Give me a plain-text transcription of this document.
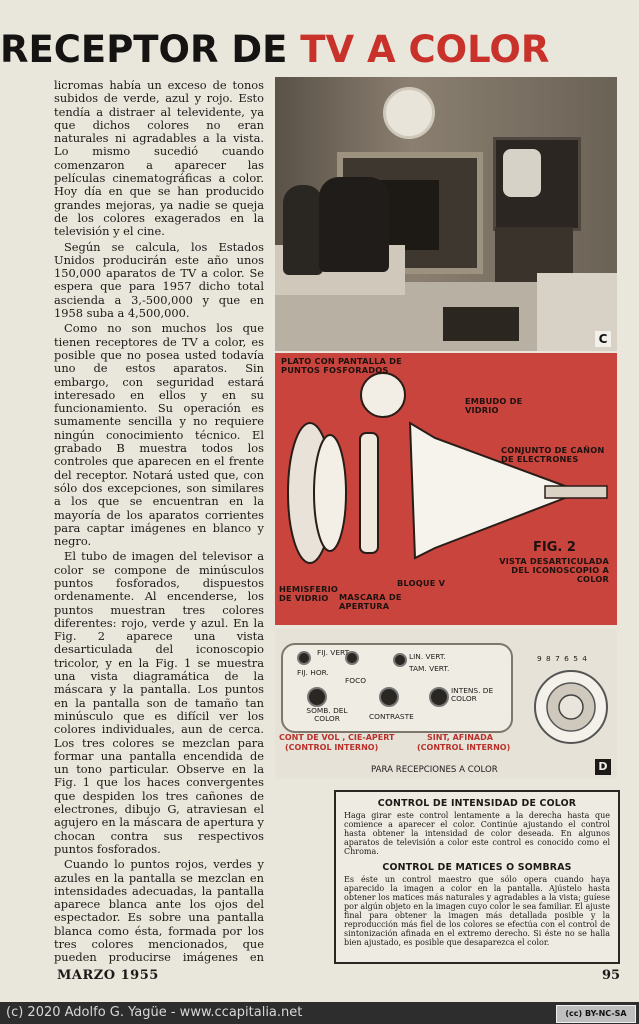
RECEPTOR DE TV A COLOR

licromas había un exceso de tonos subidos de verde, azul y rojo. Esto tendía a distraer al televidente, ya que dichos colores no eran naturales ni agradables a la vista. Lo mismo sucedió cuando comenzaron a aparecer las películas cinematográficas a color. Hoy día en que se han producido grandes mejoras, ya nadie se queja de los colores exagerados en la televisión y el cine.

Según se calcula, los Estados Unidos producirán este año unos 150,000 aparatos de TV a color. Se espera que para 1957 dicho total ascienda a 3,-500,000 y que en 1958 suba a 4,500,000.

Como no son muchos los que tienen receptores de TV a color, es posible que no posea usted todavía uno de estos aparatos. Sin embargo, con seguridad estará interesado en ellos y en su funcionamiento. Su operación es sumamente sencilla y no requiere ningún conocimiento técnico. El grabado B muestra todos los controles que aparecen en el frente del receptor. Notará usted que, con sólo dos excepciones, son similares a los que se encuentran en la mayoría de los aparatos corrientes para captar imágenes en blanco y negro.

El tubo de imagen del televisor a color se compone de minúsculos puntos fosforados, dispuestos ordenamente. Al encenderse, los puntos muestran tres colores diferentes: rojo, verde y azul. En la Fig. 2 aparece una vista desarticulada del iconoscopio tricolor, y en la Fig. 1 se muestra una vista diagramática de la máscara y la pantalla. Los puntos en la pantalla son de tamaño tan minúsculo que es difícil ver los colores individuales, aun de cerca. Los tres colores se mezclan para formar una pantalla encendida de un tono particular. Observe en la Fig. 1 que los haces convergentes que despiden los tres cañones de electrones, dibujo G, atraviesan el agujero en la máscara de apertura y chocan contra sus respectivos puntos fosforados.

Cuando lo puntos rojos, verdes y azules en la pantalla se mezclan en intensidades adecuadas, la pantalla aparece blanca ante los ojos del espectador. Es sobre una pantalla blanca como ésta, formada por los tres colores mencionados, que pueden producirse imágenes en

C
PLATO CON PANTALLA DE PUNTOS FOSFORADOS
EMBUDO DE VIDRIO
CONJUNTO DE CAÑON DE ELECTRONES
HEMISFERIO DE VIDRIO	MASCARA DE APERTURA
BLOQUE V
FIG. 2
VISTA DESARTICULADA DEL ICONOSCOPIO A COLOR
FIJ. VERT.
FIJ. HOR.
LIN. VERT.
TAM. VERT.
FOCO
SOMB. DEL COLOR	CONTRASTE
INTENS. DE COLOR
CONT DE VOL , CIE-APERT
(CONTROL INTERNO)
SINT, AFINADA
(CONTROL INTERNO)
PARA RECEPCIONES A COLOR
9 8 7 6 5 4
D
CONTROL DE INTENSIDAD DE COLOR

Haga girar este control lentamente a la derecha hasta que comience a aparecer el color. Continúe ajustando el control hasta obtener la intensidad de color deseada. En algunos aparatos de televisión a color este control es conocido como el Chroma.

CONTROL DE MATICES O SOMBRAS

Es éste un control maestro que sólo opera cuando haya aparecido la imagen a color en la pantalla. Ajústelo hasta obtener los matices más naturales y agradables a la vista; guíese por algún objeto en la imagen cuyo color le sea familiar. El ajuste final para obtener la imagen más detallada posible y la reproducción más fiel de los colores se efectúa con el control de sintonización afinada en el extremo derecho. Si éste no se halla bien ajustado, es posible que desaparezca el color.

MARZO 1955	95
(c) 2020 Adolfo G. Yagüe - www.ccapitalia.net	(cc) BY-NC-SA
